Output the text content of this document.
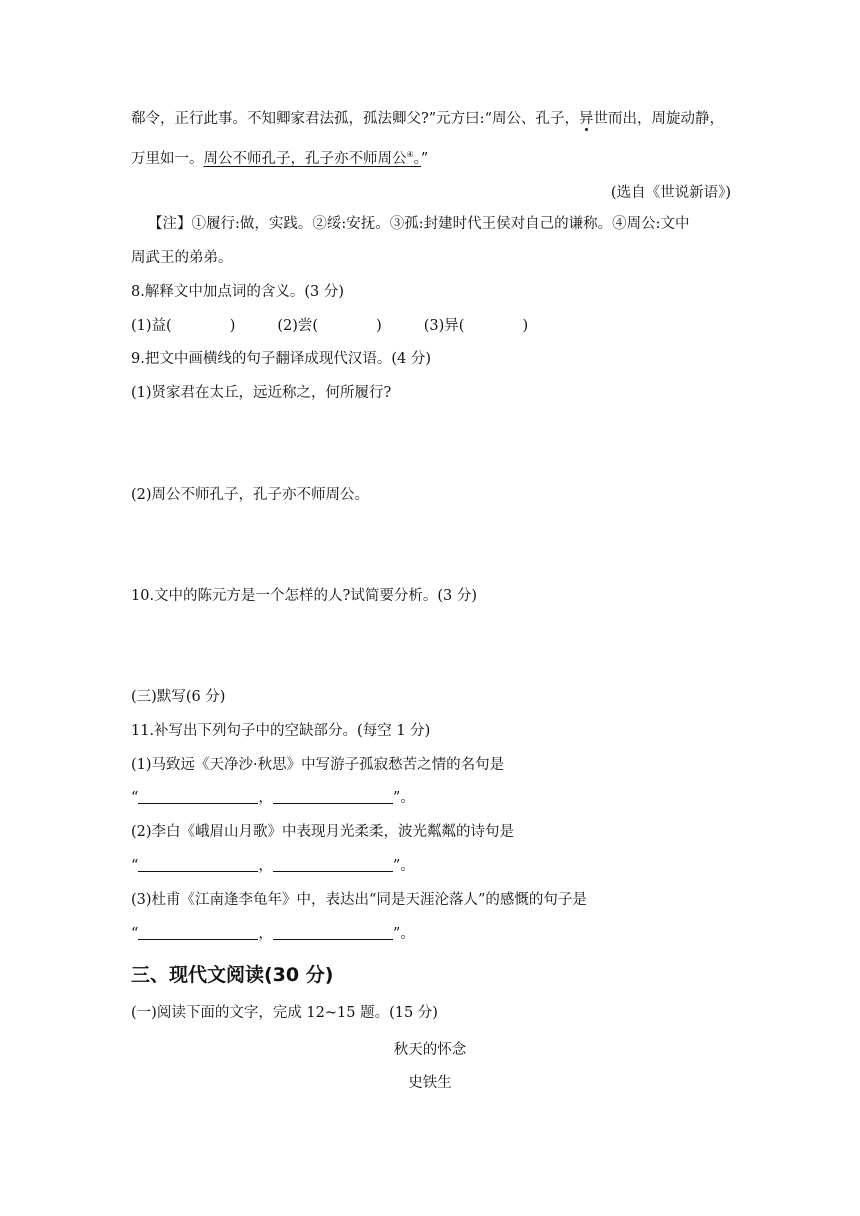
郗令，正行此事。不知卿家君法孤，孤法卿父?”元方曰:“周公、孔子，异世而出，周旋动静，
万里如一。周公不师孔子，孔子亦不师周公④。”
(选自《世说新语》)
【注】①履行:做，实践。②绥:安抚。③孤:封建时代王侯对自己的谦称。④周公:文中
周武王的弟弟。
8.解释文中加点词的含义。(3 分)
(1)益(	)	(2)尝(	)	(3)异(	)
9.把文中画横线的句子翻译成现代汉语。(4 分)
(1)贤家君在太丘，远近称之，何所履行?
(2)周公不师孔子，孔子亦不师周公。
10.文中的陈元方是一个怎样的人?试简要分析。(3 分)
(三)默写(6 分)
11.补写出下列句子中的空缺部分。(每空 1 分)
(1)马致远《天净沙·秋思》中写游子孤寂愁苦之情的名句是
“	，	”。
(2)李白《峨眉山月歌》中表现月光柔柔，波光粼粼的诗句是
“	，	”。
(3)杜甫《江南逢李龟年》中，表达出“同是天涯沦落人”的感慨的句子是
“	，	”。
三、现代文阅读(30 分)
(一)阅读下面的文字，完成 12~15 题。(15 分)
秋天的怀念
史铁生
